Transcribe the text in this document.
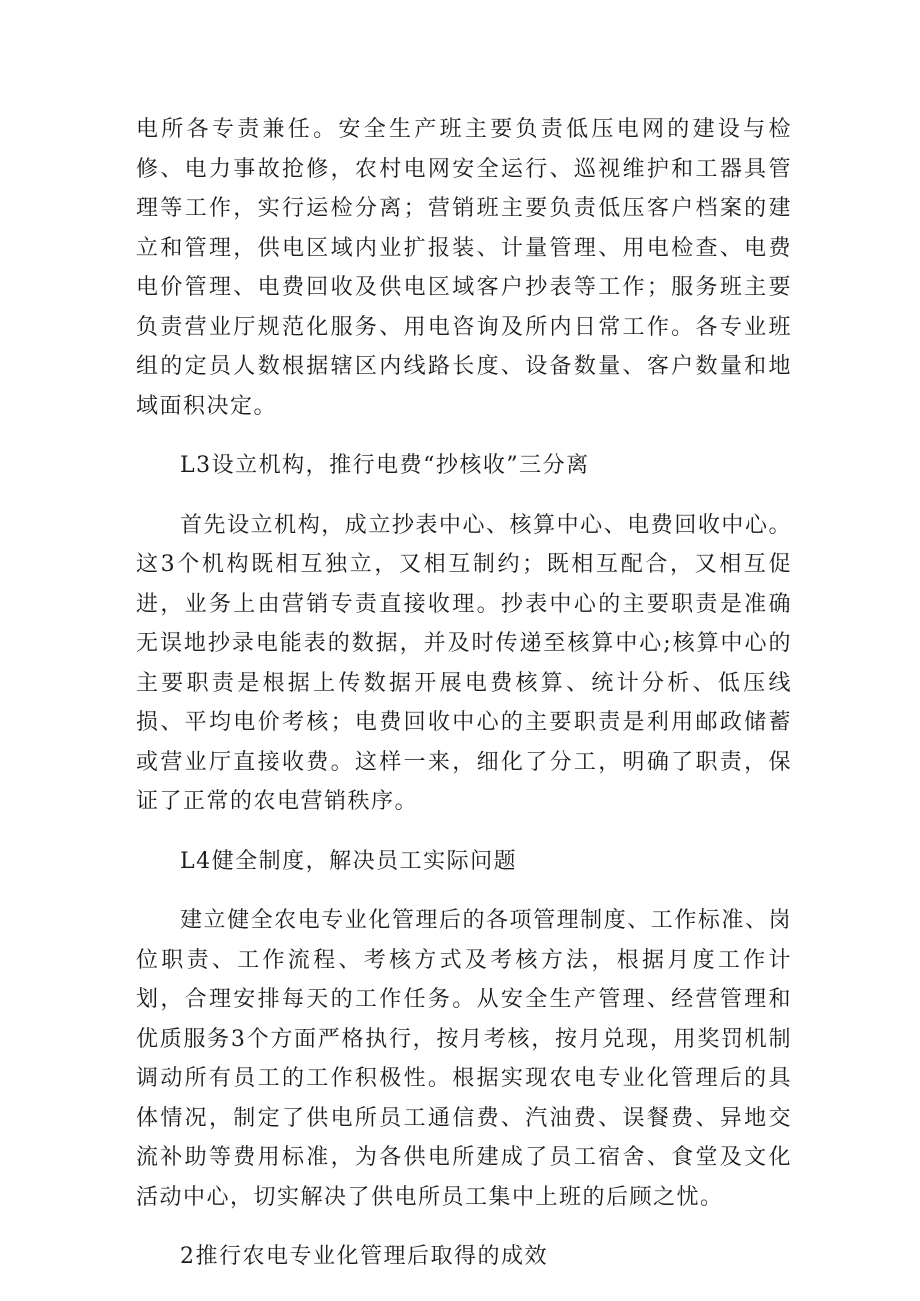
电所各专责兼任。安全生产班主要负责低压电网的建设与检修、电力事故抢修，农村电网安全运行、巡视维护和工器具管理等工作，实行运检分离；营销班主要负责低压客户档案的建立和管理，供电区域内业扩报装、计量管理、用电检查、电费电价管理、电费回收及供电区域客户抄表等工作；服务班主要负责营业厅规范化服务、用电咨询及所内日常工作。各专业班组的定员人数根据辖区内线路长度、设备数量、客户数量和地域面积决定。

L3设立机构，推行电费“抄核收”三分离

首先设立机构，成立抄表中心、核算中心、电费回收中心。这3个机构既相互独立，又相互制约；既相互配合，又相互促进，业务上由营销专责直接收理。抄表中心的主要职责是准确无误地抄录电能表的数据，并及时传递至核算中心;核算中心的主要职责是根据上传数据开展电费核算、统计分析、低压线损、平均电价考核；电费回收中心的主要职责是利用邮政储蓄或营业厅直接收费。这样一来，细化了分工，明确了职责，保证了正常的农电营销秩序。

L4健全制度，解决员工实际问题

建立健全农电专业化管理后的各项管理制度、工作标准、岗位职责、工作流程、考核方式及考核方法，根据月度工作计划，合理安排每天的工作任务。从安全生产管理、经营管理和优质服务3个方面严格执行，按月考核，按月兑现，用奖罚机制调动所有员工的工作积极性。根据实现农电专业化管理后的具体情况，制定了供电所员工通信费、汽油费、误餐费、异地交流补助等费用标准，为各供电所建成了员工宿舍、食堂及文化活动中心，切实解决了供电所员工集中上班的后顾之忧。

2推行农电专业化管理后取得的成效
